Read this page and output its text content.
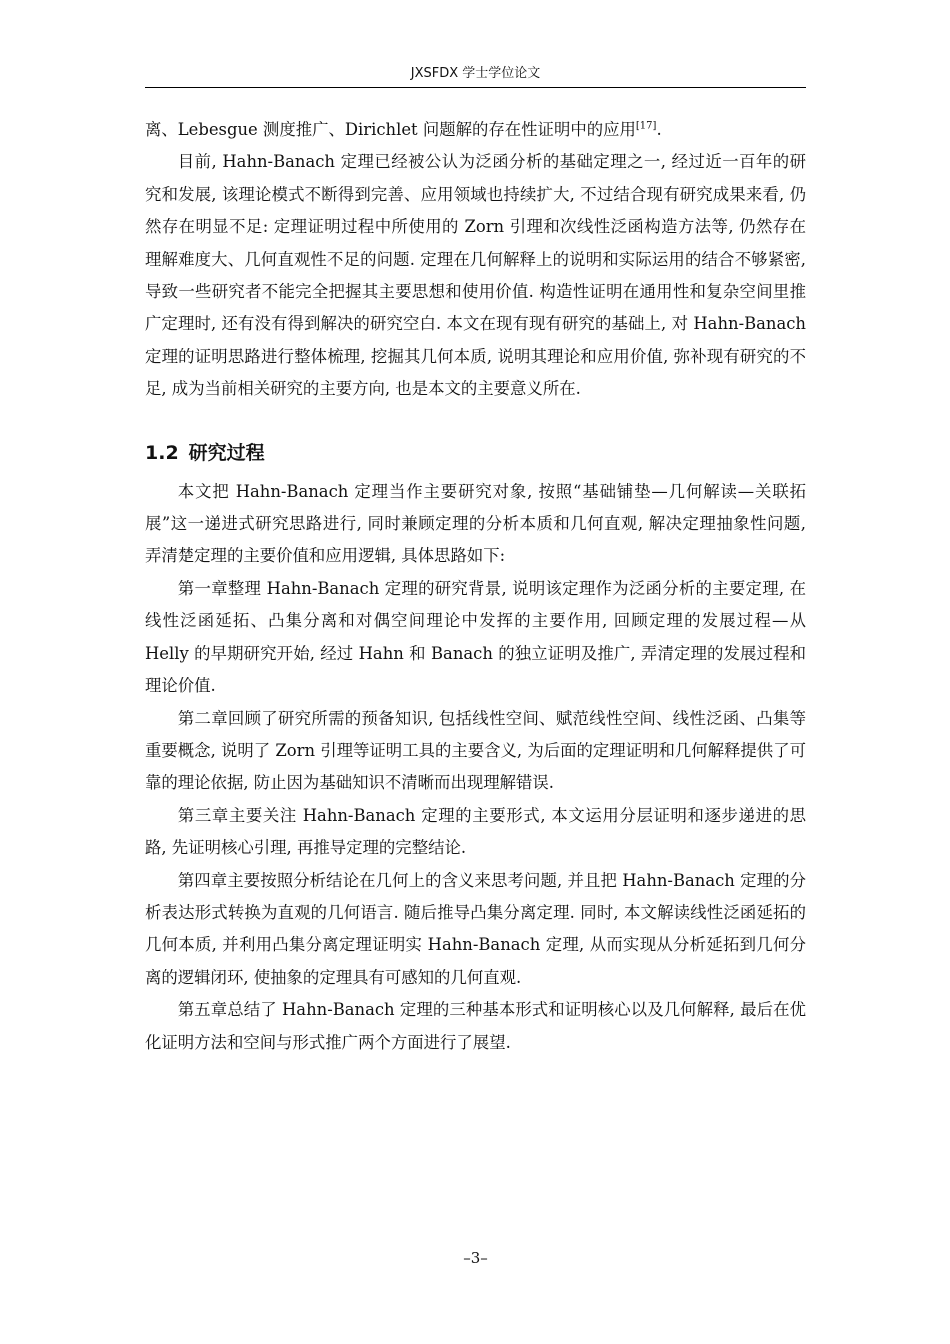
JXSFDX 学士学位论文

离、Lebesgue 测度推广、Dirichlet 问题解的存在性证明中的应用[17].

目前, Hahn-Banach 定理已经被公认为泛函分析的基础定理之一, 经过近一百年的研究和发展, 该理论模式不断得到完善、应用领域也持续扩大, 不过结合现有研究成果来看, 仍然存在明显不足: 定理证明过程中所使用的 Zorn 引理和次线性泛函构造方法等, 仍然存在理解难度大、几何直观性不足的问题. 定理在几何解释上的说明和实际运用的结合不够紧密, 导致一些研究者不能完全把握其主要思想和使用价值. 构造性证明在通用性和复杂空间里推广定理时, 还有没有得到解决的研究空白. 本文在现有现有研究的基础上, 对 Hahn-Banach 定理的证明思路进行整体梳理, 挖掘其几何本质, 说明其理论和应用价值, 弥补现有研究的不足, 成为当前相关研究的主要方向, 也是本文的主要意义所在.

1.2 研究过程

本文把 Hahn-Banach 定理当作主要研究对象, 按照“基础铺垫—几何解读—关联拓展”这一递进式研究思路进行, 同时兼顾定理的分析本质和几何直观, 解决定理抽象性问题, 弄清楚定理的主要价值和应用逻辑, 具体思路如下:

第一章整理 Hahn-Banach 定理的研究背景, 说明该定理作为泛函分析的主要定理, 在线性泛函延拓、凸集分离和对偶空间理论中发挥的主要作用, 回顾定理的发展过程—从 Helly 的早期研究开始, 经过 Hahn 和 Banach 的独立证明及推广, 弄清定理的发展过程和理论价值.

第二章回顾了研究所需的预备知识, 包括线性空间、赋范线性空间、线性泛函、凸集等重要概念, 说明了 Zorn 引理等证明工具的主要含义, 为后面的定理证明和几何解释提供了可靠的理论依据, 防止因为基础知识不清晰而出现理解错误.

第三章主要关注 Hahn-Banach 定理的主要形式, 本文运用分层证明和逐步递进的思路, 先证明核心引理, 再推导定理的完整结论.

第四章主要按照分析结论在几何上的含义来思考问题, 并且把 Hahn-Banach 定理的分析表达形式转换为直观的几何语言. 随后推导凸集分离定理. 同时, 本文解读线性泛函延拓的几何本质, 并利用凸集分离定理证明实 Hahn-Banach 定理, 从而实现从分析延拓到几何分离的逻辑闭环, 使抽象的定理具有可感知的几何直观.

第五章总结了 Hahn-Banach 定理的三种基本形式和证明核心以及几何解释, 最后在优化证明方法和空间与形式推广两个方面进行了展望.

–3–
